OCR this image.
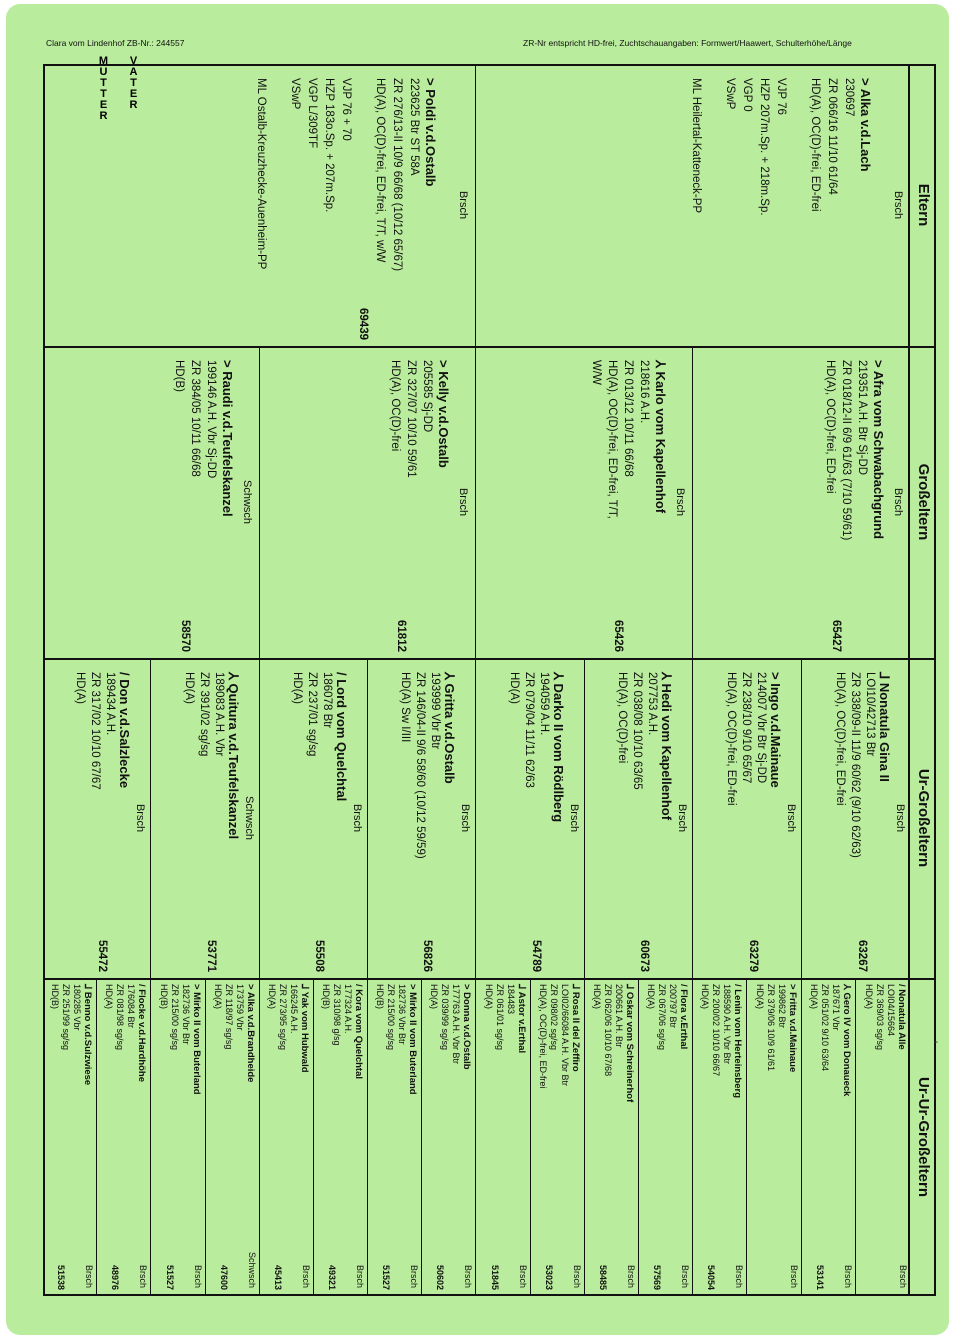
Clara vom Lindenhof ZB-Nr.: 244557	ZR-Nr entspricht HD-frei, Zuchtschauangaben: Formwert/Haawert, Schulterhöhe/Länge
Eltern
Brsch
> Alka v.d.Lach
230697
ZR 066/16 11/10 61/64
HD(A), OC(D)-frei, ED-frei

VJP 76
HZP 207m.Sp. + 218m.Sp.
VGP 0
VSwP

ML Heilertal-Katteneck-PP
Brsch
> Poldi v.d.Ostalb
223625 Btr ST 58A
ZR 276/13-II 10/9 66/68 (10/12 65/67)
HD(A), OC(D)-frei, ED-frei, T/T, w/W

VJP 76 + 70
HZP 183o.Sp. + 207m.Sp.
VGP L/309TF
VSwP

ML Ostalb-Kreuzhecke-Auenheim-PP
69439
Großeltern
Brsch
> Afra vom Schwabachgrund
219351 A.H. Btr Sj-DD
ZR 018/12-II 6/9 61/63 (7/10 59/61)
HD(A), OC(D)-frei, ED-frei
65427
Brsch
⅄ Karlo vom Kapellenhof
218616 A.H.
ZR 013/12 10/11 66/68
HD(A), OC(D)-frei, ED-frei, T/T,
W/W
65426
Brsch
> Kelly v.d.Ostalb
205585 Sj-DD
ZR 327/07 10/10 59/61
HD(A), OC(D)-frei
61812
Schwsch
> Raudi v.d.Teufelskanzel
199146 A.H. Vbr Sj-DD
ZR 384/05 10/11 66/68
HD(B)
58570
Ur-Großeltern
Brsch
⅃ Nonatula Gina II
LOI10/42713 Btr
ZR 338/09-II 11/9 60/62 (9/10 62/63)
HD(A), OC(D)-frei, ED-frei
63267
Brsch
> Ingo v.d.Mainaue
214007 Vbr Btr Sj-DD
ZR 238/10 9/10 65/67
HD(A), OC(D)-frei, ED-frei
63279
Brsch
⅄ Hedi vom Kapellenhof
207753 A.H.
ZR 038/08 10/10 63/65
HD(A), OC(D)-frei
60673
Brsch
⅄ Darko II vom Rödlberg
194059 A.H.
ZR 079/04 11/11 62/63
HD(A)
54789
Brsch
⅄ Gritta v.d.Ostalb
193999 Vbr Btr
ZR 146/04-II 9/6 58/60 (10/12 59/59)
HD(A) Sw I/III
56826
Brsch
/ Lord vom Quelchtal
186078 Btr
ZR 237/01 sg/sg
HD(A)
55508
Schwsch
⅄ Quitura v.d.Teufelskanzel
189083 A.H. Vbr
ZR 391/02 sg/sg
HD(A)
53771
Brsch
/ Don v.d.Salzlecke
189434 A.H.
ZR 317/02 10/10 67/67
HD(A)
55472
Ur-Ur-Großeltern
Brsch
/ Nonatula Alle
LOI04/15664
ZR 369/03 sg/sg
HD(A)
Brsch
⅄ Gero IV vom Donaueck
187671 Vbr
ZR 051/02 9/10 63/64
HD(A)
53141
Brsch
> Fritta v.d.Mainaue
199862 Btr
ZR 379/06 10/9 61/61
HD(A)
Brsch
/ Lenin vom Herteinsberg
188590 A.H. Vbr Btr
ZR 200/02 10/10 66/67
HD(A)
54054
Brsch
/ Flora v.Erthal
200797 Btr
ZR 067/06 sg/sg
HD(A)
57569
Brsch
⅃ Oskar vom Schreinerhof
200661 A.H. Btr
ZR 062/06 10/10 67/68
HD(A)
58485
Brsch
⅃ Rosa II del Zeffiro
LOI02/66084 A.H. Vbr Btr
ZR 098/02 sg/sg
HD(A), OC(D)-frei, ED-frei
53023
Brsch
⅃ Astor v.Erthal
184483
ZR 061/01 sg/sg
HD(A)
51845
Brsch
> Donna v.d.Ostalb
177763 A.H. Vbr Btr
ZR 039/99 sg/sg
HD(A)
50602
Brsch
> Mirko II vom Buterland
182736 Vbr Btr
ZR 215/00 sg/sg
HD(B)
51527
Brsch
/ Kora vom Quelchtal
177324 A.H.
ZR 310/98 g/sg
HD(B)
49321
Brsch
⅃ Yak vom Hubwald
166245 A.H.
ZR 273/95 sg/sg
HD(A)
45413
Schwsch
> Alka v.d.Brandheide
173759 Vbr
ZR 118/97 sg/sg
HD(A)
47600
Brsch
> Mirko II vom Buterland
182736 Vbr Btr
ZR 215/00 sg/sg
HD(B)
51527
Brsch
/ Flocke v.d.Hardhöhe
176084 Btr
ZR 081/98 sg/sg
HD(A)
48976
Brsch
⅃ Benno v.d.Sulzwiese
180285 Vbr
ZR 251/99 sg/sg
HD(B)
51538
V
A
T
E
R
M
U
T
T
E
R
-
